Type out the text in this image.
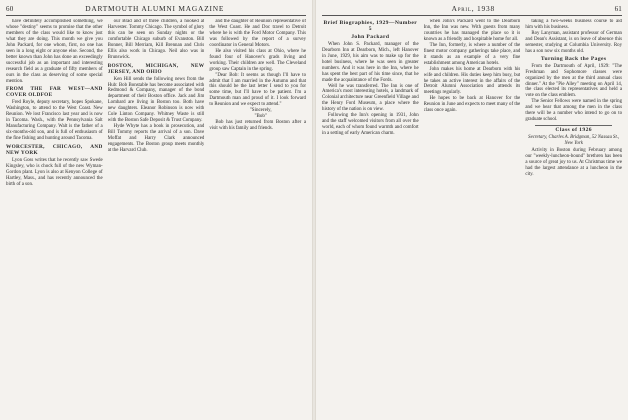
60	DARTMOUTH ALUMNI MAGAZINE

have definitely accomplished something, we whose "destiny" seems to promise that the other members of the class would like to know just what they are doing. This month we give you John Packard, for one whom, first, no one has seen in a long eight or anyone else. Second, the better known than John has done an exceedingly successful job as an important and interesting research field as a graduate of fifty members of ours in the class as deserving of some special mention.

FROM THE FAR WEST—AND COVER OLDFOE

Fred Royle, deputy secretary, hopes Spokane, Washington, to attend to the West Coast. New Reunion. We lost Francisco last year and is now in Tacoma. Wash., with the Pennsylvania Salt Manufacturing Company. Walt is the father of a six-months-old son, and is full of enthusiasm of the fine fishing and hunting around Tacoma.

WORCESTER, CHICAGO, AND NEW YORK

Lyon Goss writes that he recently saw Swede Kingsley, who is chock full of the new Wyman-Gordon plant. Lyon is also at Kenyon College of Hartley, Mass., and has recently announced the birth of a son.

our Brad and of three children, a hooked at Harvester. Tommy Chicago. The symbol of glory this can be seen on Sunday nights or the comfortable Chicago suburb of Evanston. Bill Bonner, Bill Merriam, Kill Brennan and Chris Ellis also work in Chicago. Neil also was in Brunswick.

BOSTON, MICHIGAN, NEW JERSEY, AND OHIO

Ken Hill sends the following news from the Hub: Bob Bonstable has become associated with Redmond & Company, manager of the bond department of their Boston office. Jack and Jim Lombard are living in Boston too. Both have new daughters. Eleanor Robinson is now with Cole Linton Company. Whitney Waste is still with the Boston Safe Deposit & Trust Company.

Hyde Whyte has a book in prosecution, and Bill Tommy reports the arrival of a son. Dave Moffat and Harry Clark announced engagements. The Boston group meets monthly at the Harvard Club.

and the daughter of Reunion representative of the West Coast. He and Doc travel to Detroit where he is with the Ford Motor Company. This was followed by the report of a survey coordinator in General Motors.

He also visited his class at Ohio, where he found four of Hanover's grads living and working. Their children are well. The Cleveland group saw Captain in the spring.

"Dear Bob: It seems as though I'll have to admit that I am married in the Autumn and that this should be the last letter I send to you for some time, but I'll have to be patient. I'm a Dartmouth man and proud of it. I look forward to Reunion and we expect to attend."

"Sincerely,

"Bob"

Bob has just returned from Boston after a visit with his family and friends.

April, 1938	61
Brief Biographies, 1929—Number 5
John Packard

When John S. Packard, manager of the Dearborn Inn at Dearborn, Mich., left Hanover in June, 1929, his aim was to make up for the hotel business, where he was seen in greater numbers. And it was here in the Inn, where he has spent the best part of his time since, that he made the acquaintance of the Fords.

Well he was transferred. The Inn is one of America's most interesting hotels, a landmark of Colonial architecture near Greenfield Village and the Henry Ford Museum, a place where the history of the nation is on view.

Following the Inn's opening in 1931, John and the staff welcomed visitors from all over the world, each of whom found warmth and comfort in a setting of early American charm.

when John's Packard went to the Dearborn Inn, the Inn was new. With guests from many countries he has managed the place so it is known as a friendly and hospitable home for all.

The Inn, formerly, is where a number of the finest motor company gatherings take place, and it stands as an example of a very fine establishment among American hotels.

John makes his home at Dearborn with his wife and children. His duties keep him busy, but he takes an active interest in the affairs of the Detroit Alumni Association and attends its meetings regularly.

He hopes to be back at Hanover for the Reunion in June and expects to meet many of the class once again.

taking a two-weeks business course to aid him with his business.

Roy Lanyman, assistant professor of German and Dean's Assistant, is on leave of absence this semester, studying at Columbia University. Roy has a son now six months old.

Turning Back the Pages

From the Dartmouth of April, 1929: "The Freshman and Sophomore classes were organized by the men at the third annual class dinner." At the "Pie Alley" meeting on April 14, the class elected its representatives and held a vote on the class emblem.

The Senior Fellows were named in the spring and we hear that among the men in the class there will be a number who intend to go on to graduate school.

Class of 1926
Secretary, Charles A. Bridgman, 52 Nassau St., New York

Activity in Boston during February among our "weekly-luncheon-bound" brethren has been a source of great joy to us. At Christmas time we had the largest attendance at a luncheon in the city.
